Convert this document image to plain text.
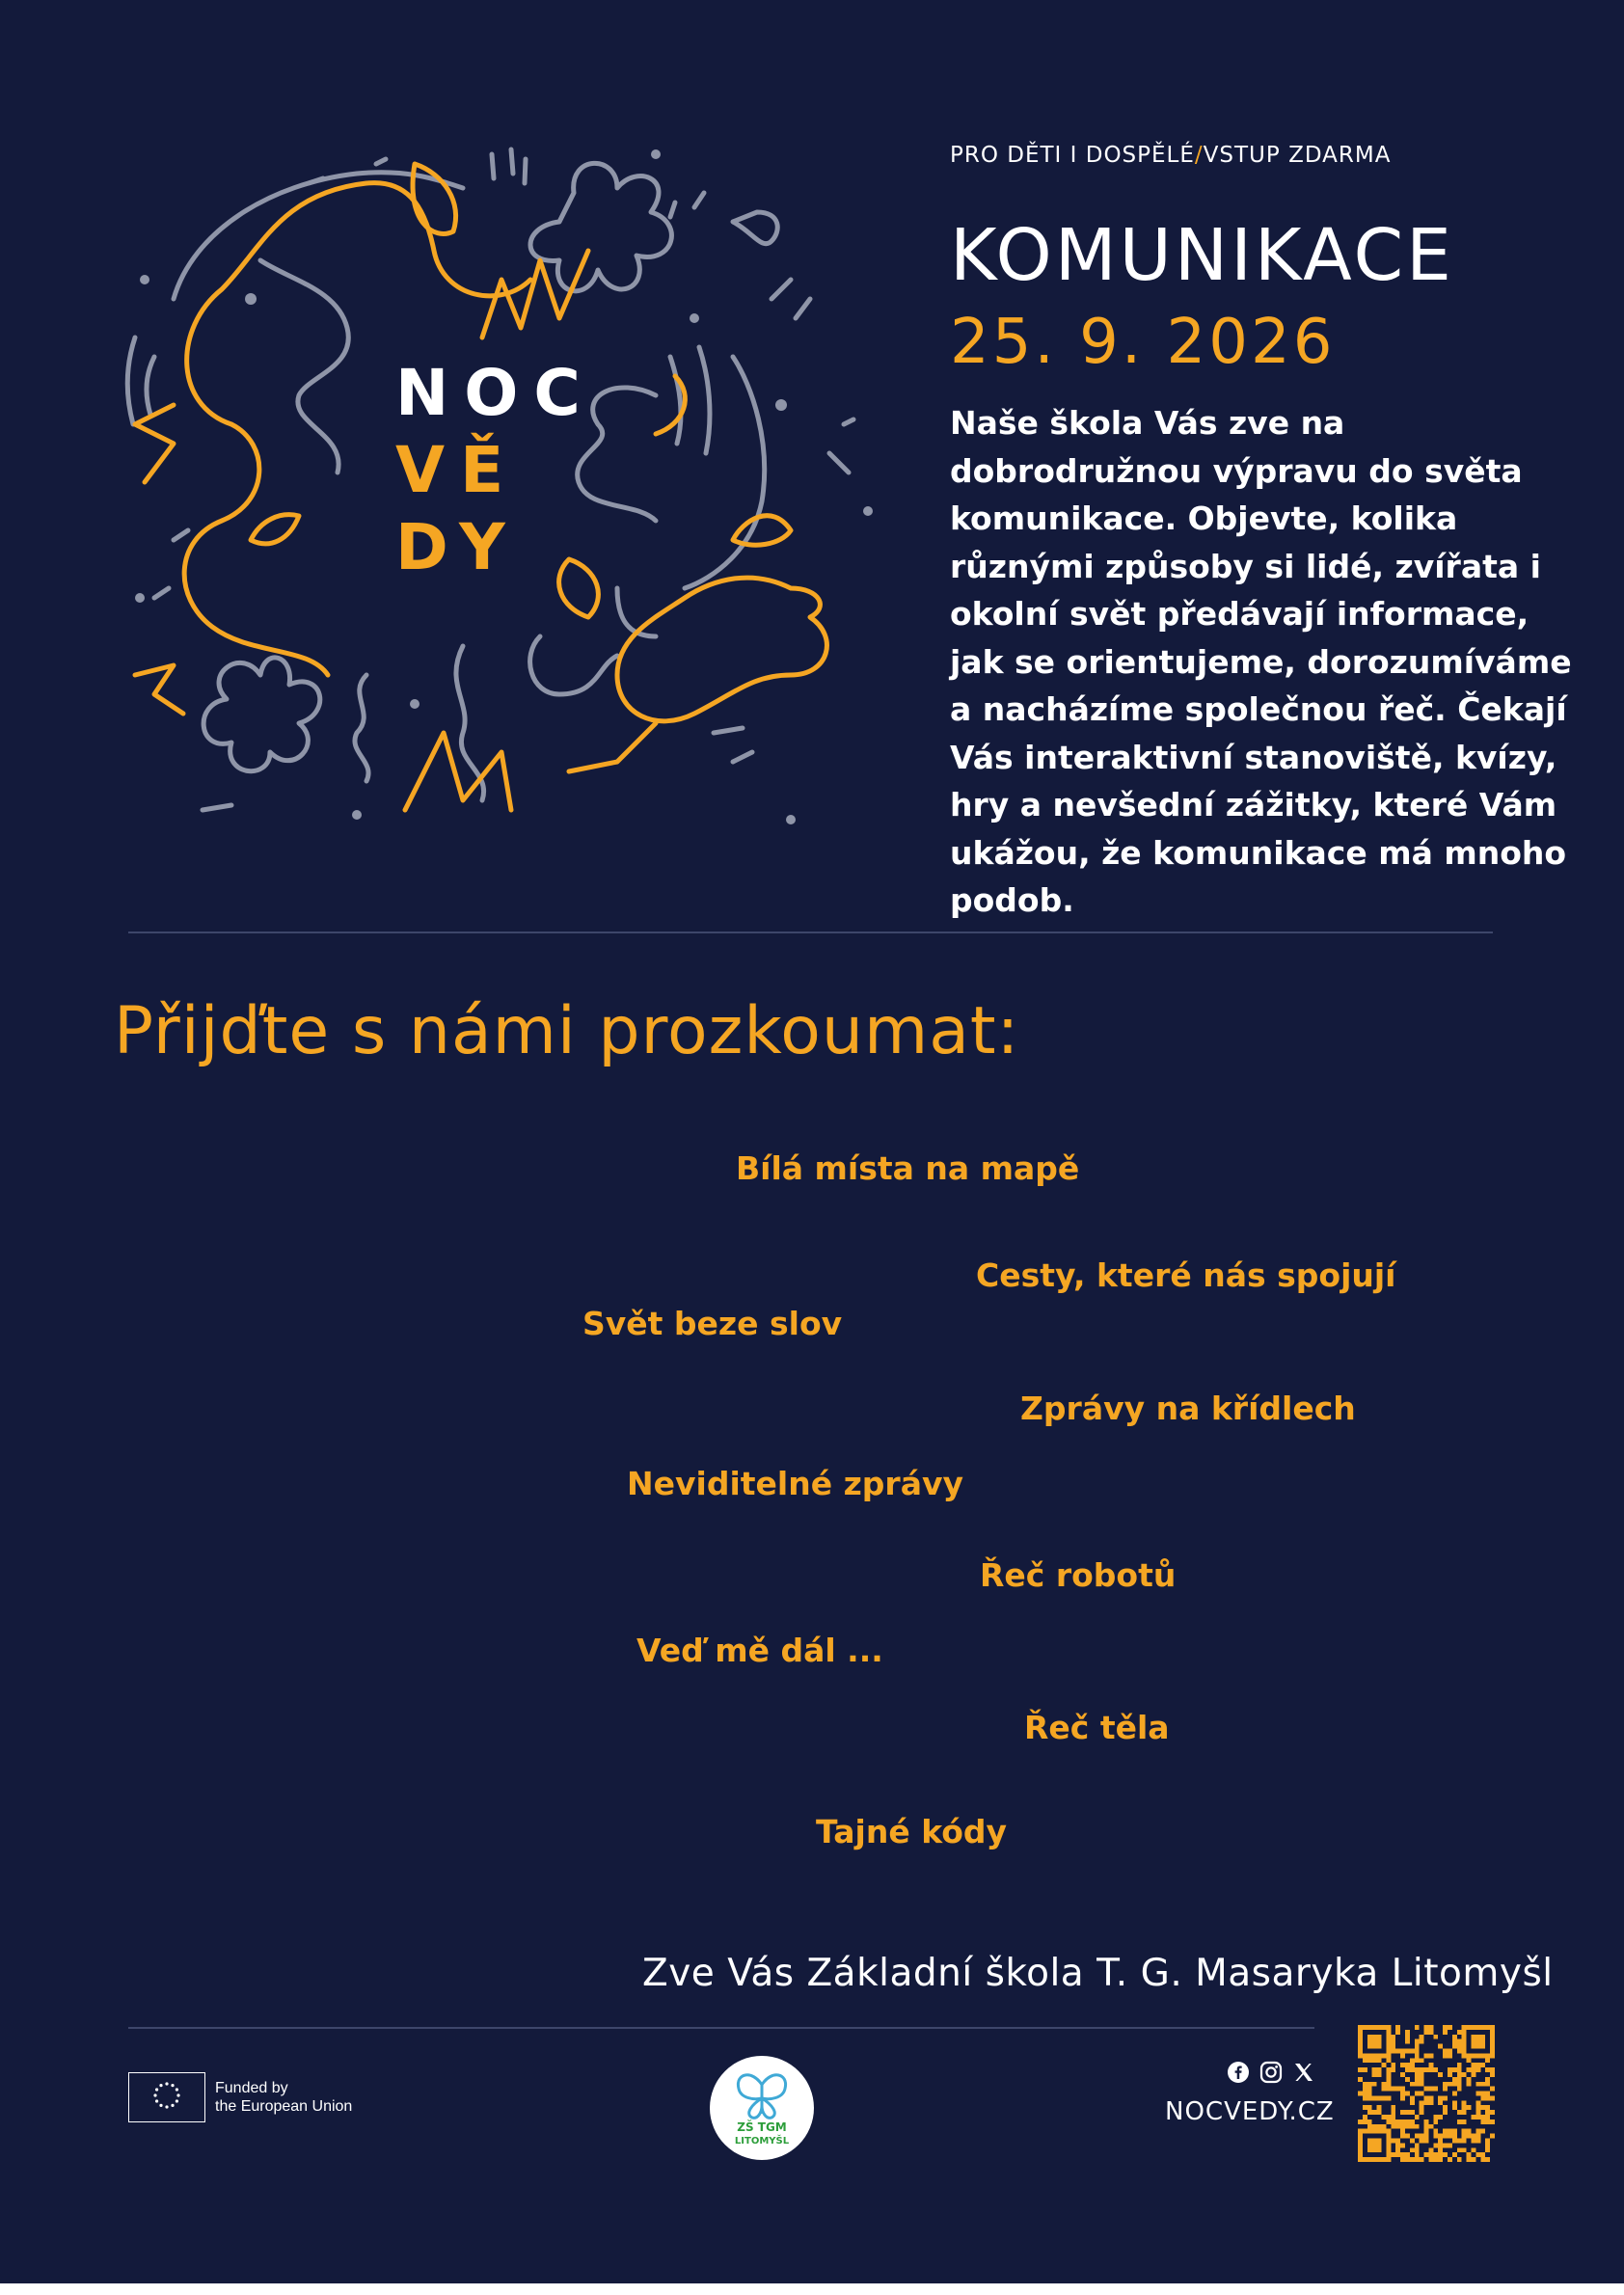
NOC
VĚ
DY
PRO DĚTI I DOSPĚLÉ/VSTUP ZDARMA
KOMUNIKACE
25. 9. 2026
Naše škola Vás zve na dobrodružnou výpravu do světa komunikace. Objevte, kolika různými způsoby si lidé, zvířata i okolní svět předávají informace, jak se orientujeme, dorozumíváme a nacházíme společnou řeč. Čekají Vás interaktivní stanoviště, kvízy, hry a nevšední zážitky, které Vám ukážou, že komunikace má mnoho podob.
Přijďte s námi prozkoumat:
Bílá místa na mapě
Cesty, které nás spojují
Svět beze slov
Zprávy na křídlech
Neviditelné zprávy
Řeč robotů
Veď mě dál ...
Řeč těla
Tajné kódy
Zve Vás Základní škola T. G. Masaryka Litomyšl
Funded by
the European Union
ZŠ TGM
LITOMYŠL
NOCVEDY.CZ
